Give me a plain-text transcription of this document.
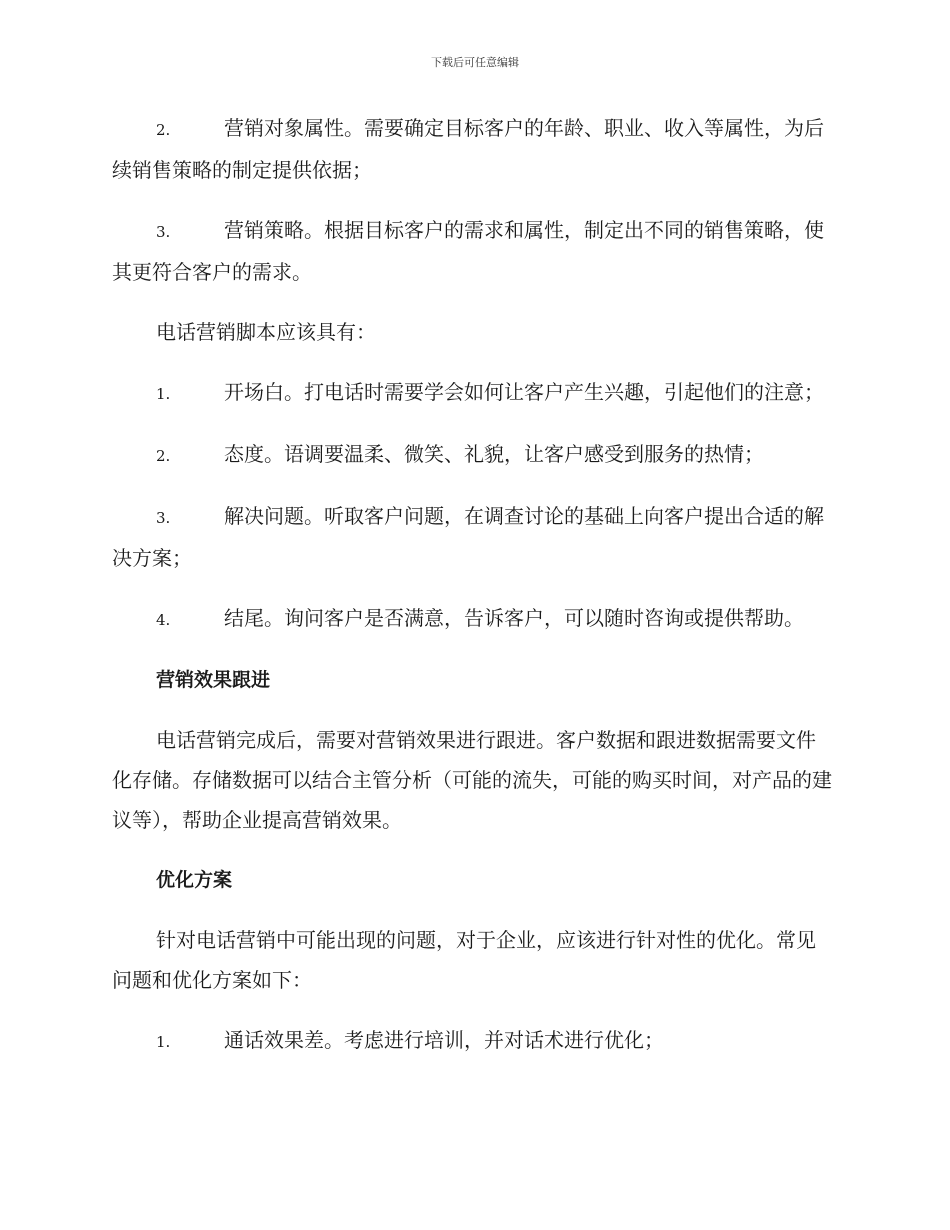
下载后可任意编辑

2.	营销对象属性。需要确定目标客户的年龄、职业、收入等属性，为后续销售策略的制定提供依据；

3.	营销策略。根据目标客户的需求和属性，制定出不同的销售策略，使其更符合客户的需求。

电话营销脚本应该具有：

1.	开场白。打电话时需要学会如何让客户产生兴趣，引起他们的注意；

2.	态度。语调要温柔、微笑、礼貌，让客户感受到服务的热情；

3.	解决问题。听取客户问题，在调查讨论的基础上向客户提出合适的解决方案；

4.	结尾。询问客户是否满意，告诉客户，可以随时咨询或提供帮助。

营销效果跟进

电话营销完成后，需要对营销效果进行跟进。客户数据和跟进数据需要文件化存储。存储数据可以结合主管分析（可能的流失，可能的购买时间，对产品的建议等），帮助企业提高营销效果。

优化方案

针对电话营销中可能出现的问题，对于企业，应该进行针对性的优化。常见问题和优化方案如下：

1.	通话效果差。考虑进行培训，并对话术进行优化；
